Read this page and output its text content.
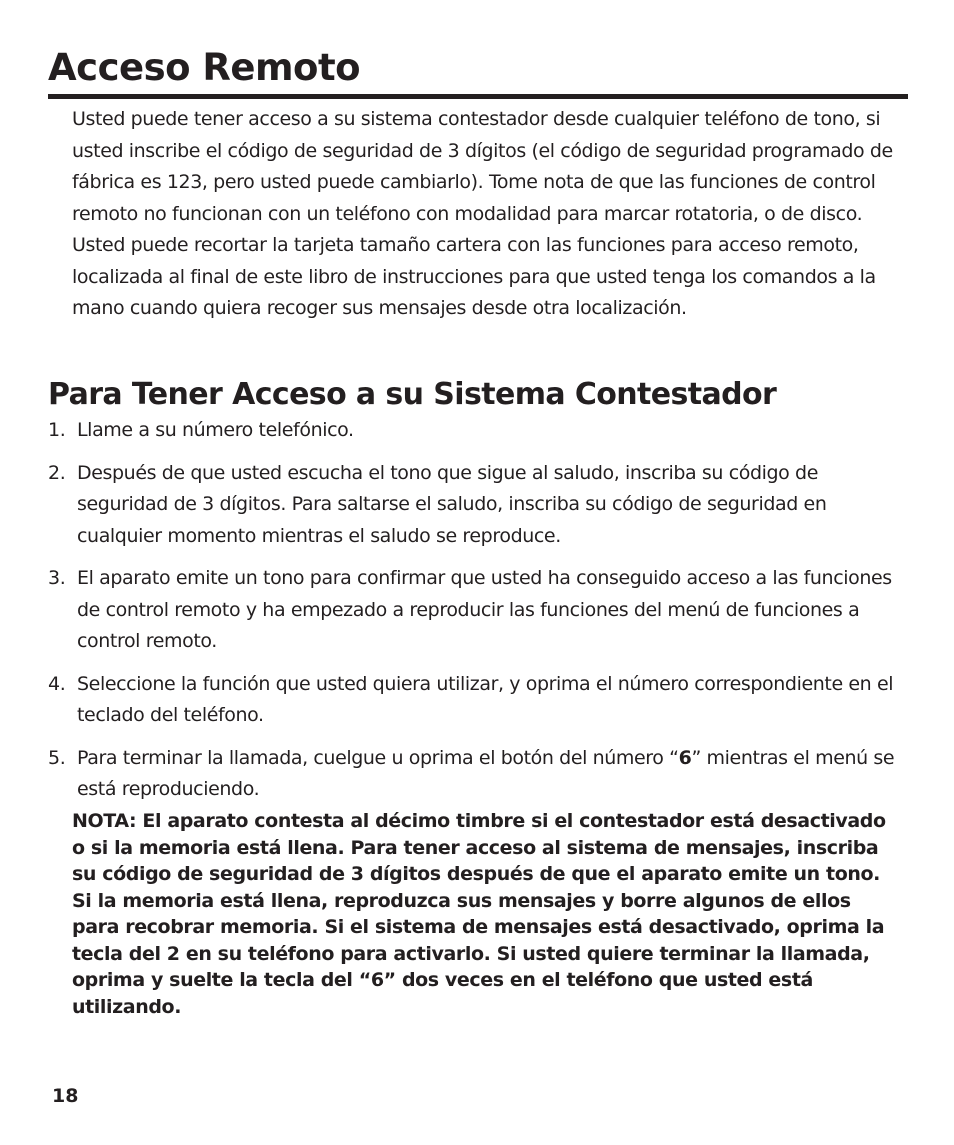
Acceso Remoto

Usted puede tener acceso a su sistema contestador desde cualquier teléfono de tono, si usted inscribe el código de seguridad de 3 dígitos (el código de seguridad programado de fábrica es 123, pero usted puede cambiarlo). Tome nota de que las funciones de control remoto no funcionan con un teléfono con modalidad para marcar rotatoria, o de disco. Usted puede recortar la tarjeta tamaño cartera con las funciones para acceso remoto, localizada al final de este libro de instrucciones para que usted tenga los comandos a la mano cuando quiera recoger sus mensajes desde otra localización.

Para Tener Acceso a su Sistema Contestador
1. Llame a su número telefónico.
2. Después de que usted escucha el tono que sigue al saludo, inscriba su código de seguridad de 3 dígitos. Para saltarse el saludo, inscriba su código de seguridad en cualquier momento mientras el saludo se reproduce.
3. El aparato emite un tono para confirmar que usted ha conseguido acceso a las funciones de control remoto y ha empezado a reproducir las funciones del menú de funciones a control remoto.
4. Seleccione la función que usted quiera utilizar, y oprima el número correspondiente en el teclado del teléfono.
5. Para terminar la llamada, cuelgue u oprima el botón del número “6” mientras el menú se está reproduciendo.

NOTA: El aparato contesta al décimo timbre si el contestador está desactivado o si la memoria está llena. Para tener acceso al sistema de mensajes, inscriba su código de seguridad de 3 dígitos después de que el aparato emite un tono. Si la memoria está llena, reproduzca sus mensajes y borre algunos de ellos para recobrar memoria. Si el sistema de mensajes está desactivado, oprima la tecla del 2 en su teléfono para activarlo. Si usted quiere terminar la llamada, oprima y suelte la tecla del “6” dos veces en el teléfono que usted está utilizando.

18
